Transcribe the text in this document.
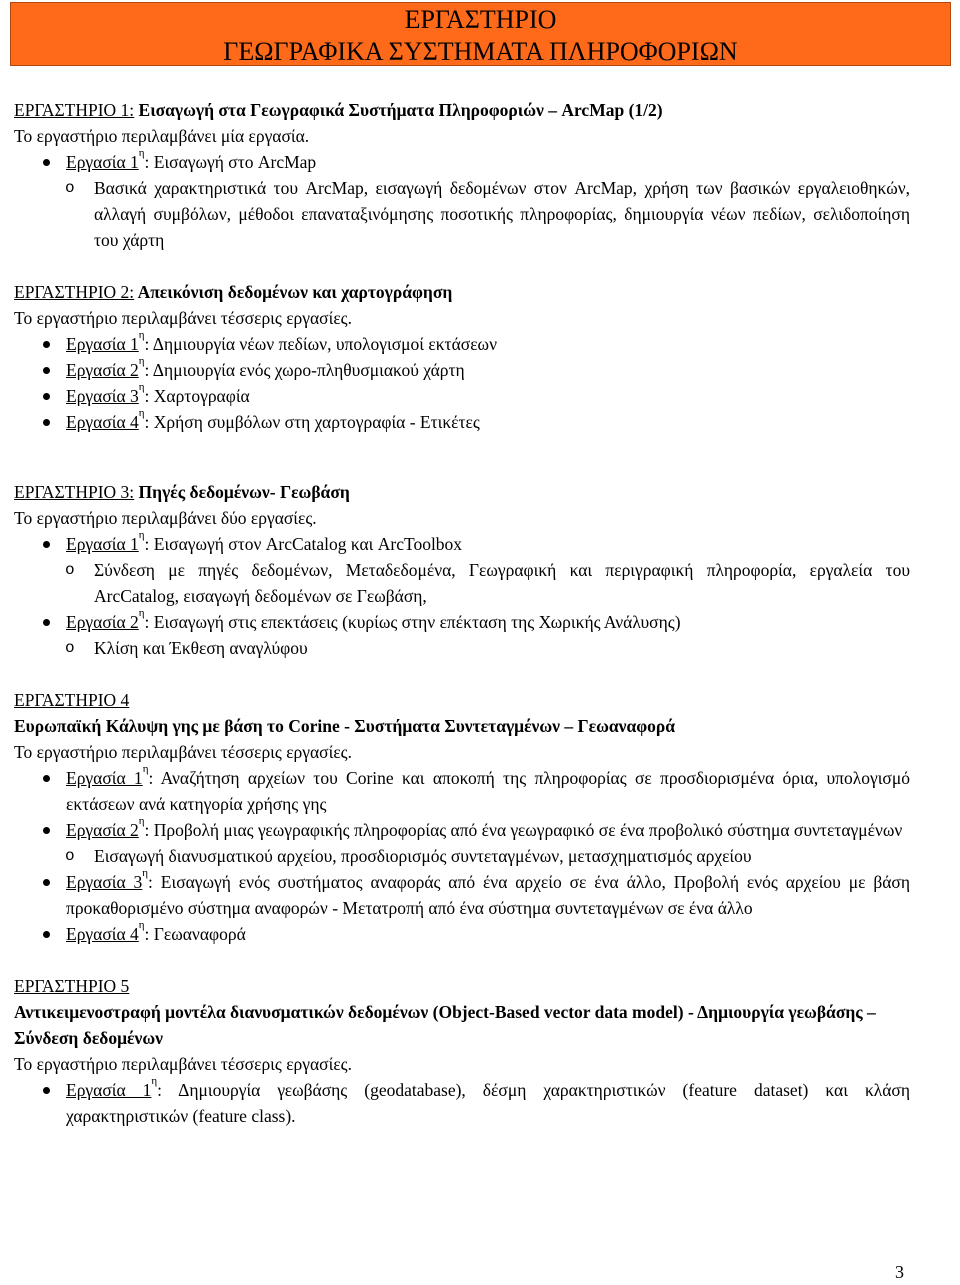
ΕΡΓΑΣΤΗΡΙΟ
ΓΕΩΓΡΑΦΙΚΑ ΣΥΣΤΗΜΑΤΑ ΠΛΗΡΟΦΟΡΙΩΝ
ΕΡΓΑΣΤΗΡΙΟ 1: Εισαγωγή στα Γεωγραφικά Συστήματα Πληροφοριών – ArcMap (1/2)
Το εργαστήριο περιλαμβάνει μία εργασία.
Εργασία $1^\eta$: Εισαγωγή στο ArcMap
o Βασικά χαρακτηριστικά του ArcMap, εισαγωγή δεδομένων στον ArcMap, χρήση των βασικών εργαλειοθηκών, αλλαγή συμβόλων, μέθοδοι επαναταξινόμησης ποσοτικής πληροφορίας, δημιουργία νέων πεδίων, σελιδοποίηση του χάρτη
ΕΡΓΑΣΤΗΡΙΟ 2: Απεικόνιση δεδομένων και χαρτογράφηση
Το εργαστήριο περιλαμβάνει τέσσερις εργασίες.
Εργασία $1^\eta$: Δημιουργία νέων πεδίων, υπολογισμοί εκτάσεων
Εργασία $2^\eta$: Δημιουργία ενός χωρο-πληθυσμιακού χάρτη
Εργασία $3^\eta$: Χαρτογραφία
Εργασία $4^\eta$: Χρήση συμβόλων στη χαρτογραφία - Ετικέτες
ΕΡΓΑΣΤΗΡΙΟ 3: Πηγές δεδομένων- Γεωβάση
Το εργαστήριο περιλαμβάνει δύο εργασίες.
Εργασία $1^\eta$: Εισαγωγή στον ArcCatalog και ArcToolbox
o Σύνδεση με πηγές δεδομένων, Μεταδεδομένα, Γεωγραφική και περιγραφική πληροφορία, εργαλεία του ArcCatalog, εισαγωγή δεδομένων σε Γεωβάση,
Εργασία $2^\eta$: Εισαγωγή στις επεκτάσεις (κυρίως στην επέκταση της Χωρικής Ανάλυσης)
o Κλίση και Έκθεση αναγλύφου
ΕΡΓΑΣΤΗΡΙΟ 4
Ευρωπαϊκή Κάλυψη γης με βάση το Corine - Συστήματα Συντεταγμένων – Γεωαναφορά
Το εργαστήριο περιλαμβάνει τέσσερις εργασίες.
Εργασία $1^\eta$: Αναζήτηση αρχείων του Corine και αποκοπή της πληροφορίας σε προσδιορισμένα όρια, υπολογισμό εκτάσεων ανά κατηγορία χρήσης γης
Εργασία $2^\eta$: Προβολή μιας γεωγραφικής πληροφορίας από ένα γεωγραφικό σε ένα προβολικό σύστημα συντεταγμένων
o Εισαγωγή διανυσματικού αρχείου, προσδιορισμός συντεταγμένων, μετασχηματισμός αρχείου
Εργασία $3^\eta$: Εισαγωγή ενός συστήματος αναφοράς από ένα αρχείο σε ένα άλλο, Προβολή ενός αρχείου με βάση προκαθορισμένο σύστημα αναφορών - Μετατροπή από ένα σύστημα συντεταγμένων σε ένα άλλο
Εργασία $4^\eta$: Γεωαναφορά
ΕΡΓΑΣΤΗΡΙΟ 5
Αντικειμενοστραφή μοντέλα διανυσματικών δεδομένων (Object-Based vector data model) - Δημιουργία γεωβάσης – Σύνδεση δεδομένων
Το εργαστήριο περιλαμβάνει τέσσερις εργασίες.
Εργασία $1^\eta$: Δημιουργία γεωβάσης (geodatabase), δέσμη χαρακτηριστικών (feature dataset) και κλάση χαρακτηριστικών (feature class).
3
